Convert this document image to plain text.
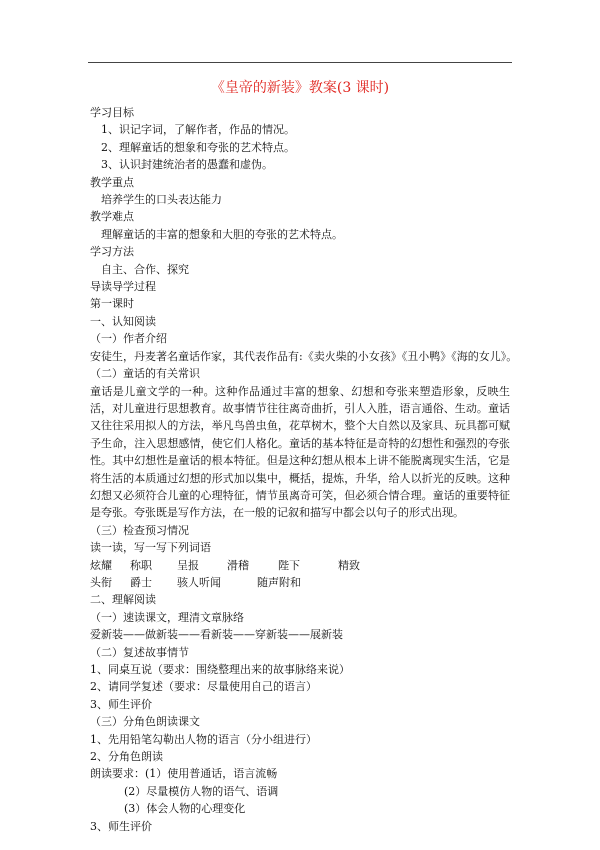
《皇帝的新装》教案(3 课时)
学习目标
1、识记字词，了解作者，作品的情况。
2、理解童话的想象和夸张的艺术特点。
3、认识封建统治者的愚蠢和虚伪。
教学重点
培养学生的口头表达能力
教学难点
理解童话的丰富的想象和大胆的夸张的艺术特点。
学习方法
自主、合作、探究
导读导学过程
第一课时
一、认知阅读
（一）作者介绍
安徒生，丹麦著名童话作家，其代表作品有:《卖火柴的小女孩》《丑小鸭》《海的女儿》。
（二）童话的有关常识
童话是儿童文学的一种。这种作品通过丰富的想象、幻想和夸张来塑造形象，反映生活，对儿童进行思想教育。故事情节往往离奇曲折，引人入胜，语言通俗、生动。童话又往往采用拟人的方法，举凡鸟兽虫鱼，花草树木，整个大自然以及家具、玩具都可赋予生命，注入思想感情，使它们人格化。童话的基本特征是奇特的幻想性和强烈的夸张性。其中幻想性是童话的根本特征。但是这种幻想从根本上讲不能脱离现实生活，它是将生活的本质通过幻想的形式加以集中，概括，提炼，升华，给人以折光的反映。这种幻想又必须符合儿童的心理特征，情节虽离奇可笑，但必须合情合理。童话的重要特征是夸张。夸张既是写作方法，在一般的记叙和描写中都会以句子的形式出现。
（三）检查预习情况
读一读，写一写下列词语
炫耀	称职	呈报	滑稽	陛下	精致
头衔	爵士	骇人听闻	随声附和
二、理解阅读
（一）速读课文，理清文章脉络
爱新装——做新装——看新装——穿新装——展新装
（二）复述故事情节
1、同桌互说（要求：围绕整理出来的故事脉络来说）
2、请同学复述（要求：尽量使用自己的语言）
3、师生评价
（三）分角色朗读课文
1、先用铅笔勾勒出人物的语言（分小组进行）
2、分角色朗读
朗读要求：(1）使用普通话，语言流畅
(2）尽量模仿人物的语气、语调
(3）体会人物的心理变化
3、师生评价
